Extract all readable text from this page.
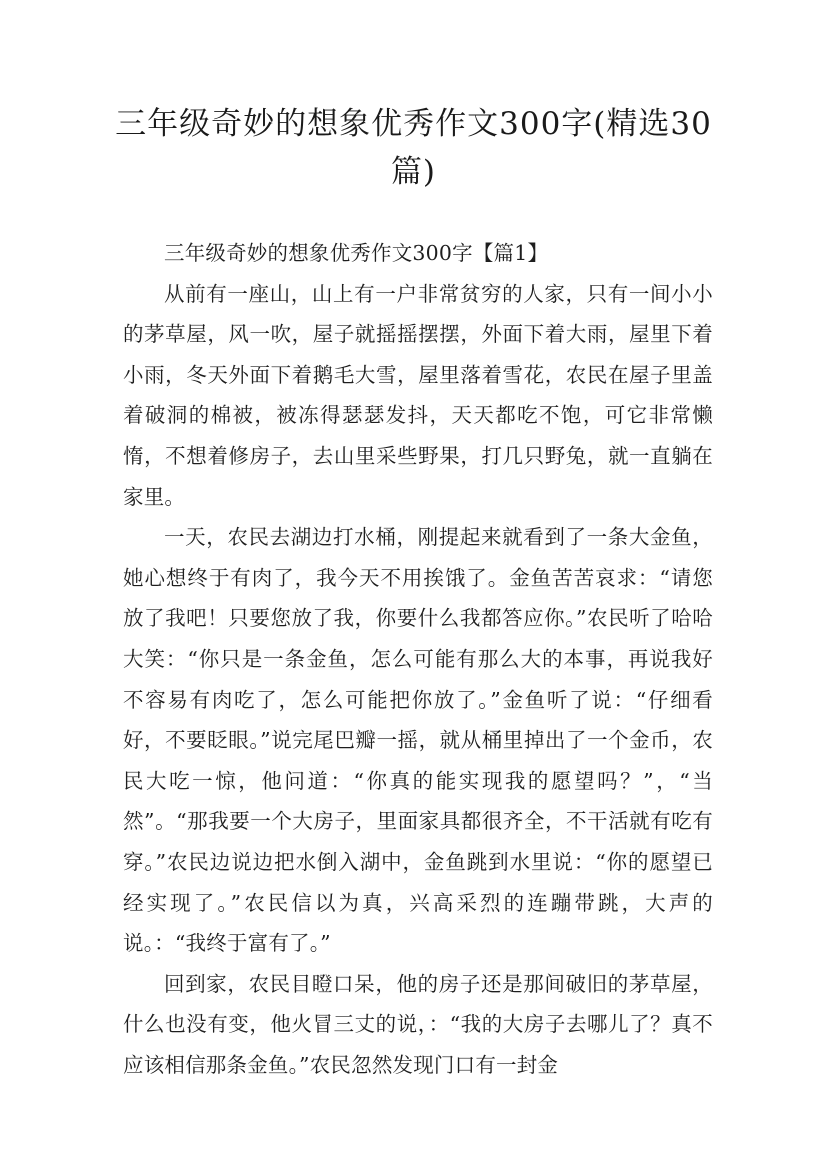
三年级奇妙的想象优秀作文300字(精选30篇)

三年级奇妙的想象优秀作文300字【篇1】

从前有一座山，山上有一户非常贫穷的人家，只有一间小小的茅草屋，风一吹，屋子就摇摇摆摆，外面下着大雨，屋里下着小雨，冬天外面下着鹅毛大雪，屋里落着雪花，农民在屋子里盖着破洞的棉被，被冻得瑟瑟发抖，天天都吃不饱，可它非常懒惰，不想着修房子，去山里采些野果，打几只野兔，就一直躺在家里。

一天，农民去湖边打水桶，刚提起来就看到了一条大金鱼，她心想终于有肉了，我今天不用挨饿了。金鱼苦苦哀求：“请您放了我吧！只要您放了我，你要什么我都答应你。”农民听了哈哈大笑：“你只是一条金鱼，怎么可能有那么大的本事，再说我好不容易有肉吃了，怎么可能把你放了。”金鱼听了说：“仔细看好，不要眨眼。”说完尾巴瓣一摇，就从桶里掉出了一个金币，农民大吃一惊，他问道：“你真的能实现我的愿望吗？”，“当然”。“那我要一个大房子，里面家具都很齐全，不干活就有吃有穿。”农民边说边把水倒入湖中，金鱼跳到水里说：“你的愿望已经实现了。”农民信以为真，兴高采烈的连蹦带跳，大声的说。：“我终于富有了。”

回到家，农民目瞪口呆，他的房子还是那间破旧的茅草屋，什么也没有变，他火冒三丈的说，：“我的大房子去哪儿了？真不应该相信那条金鱼。”农民忽然发现门口有一封金
